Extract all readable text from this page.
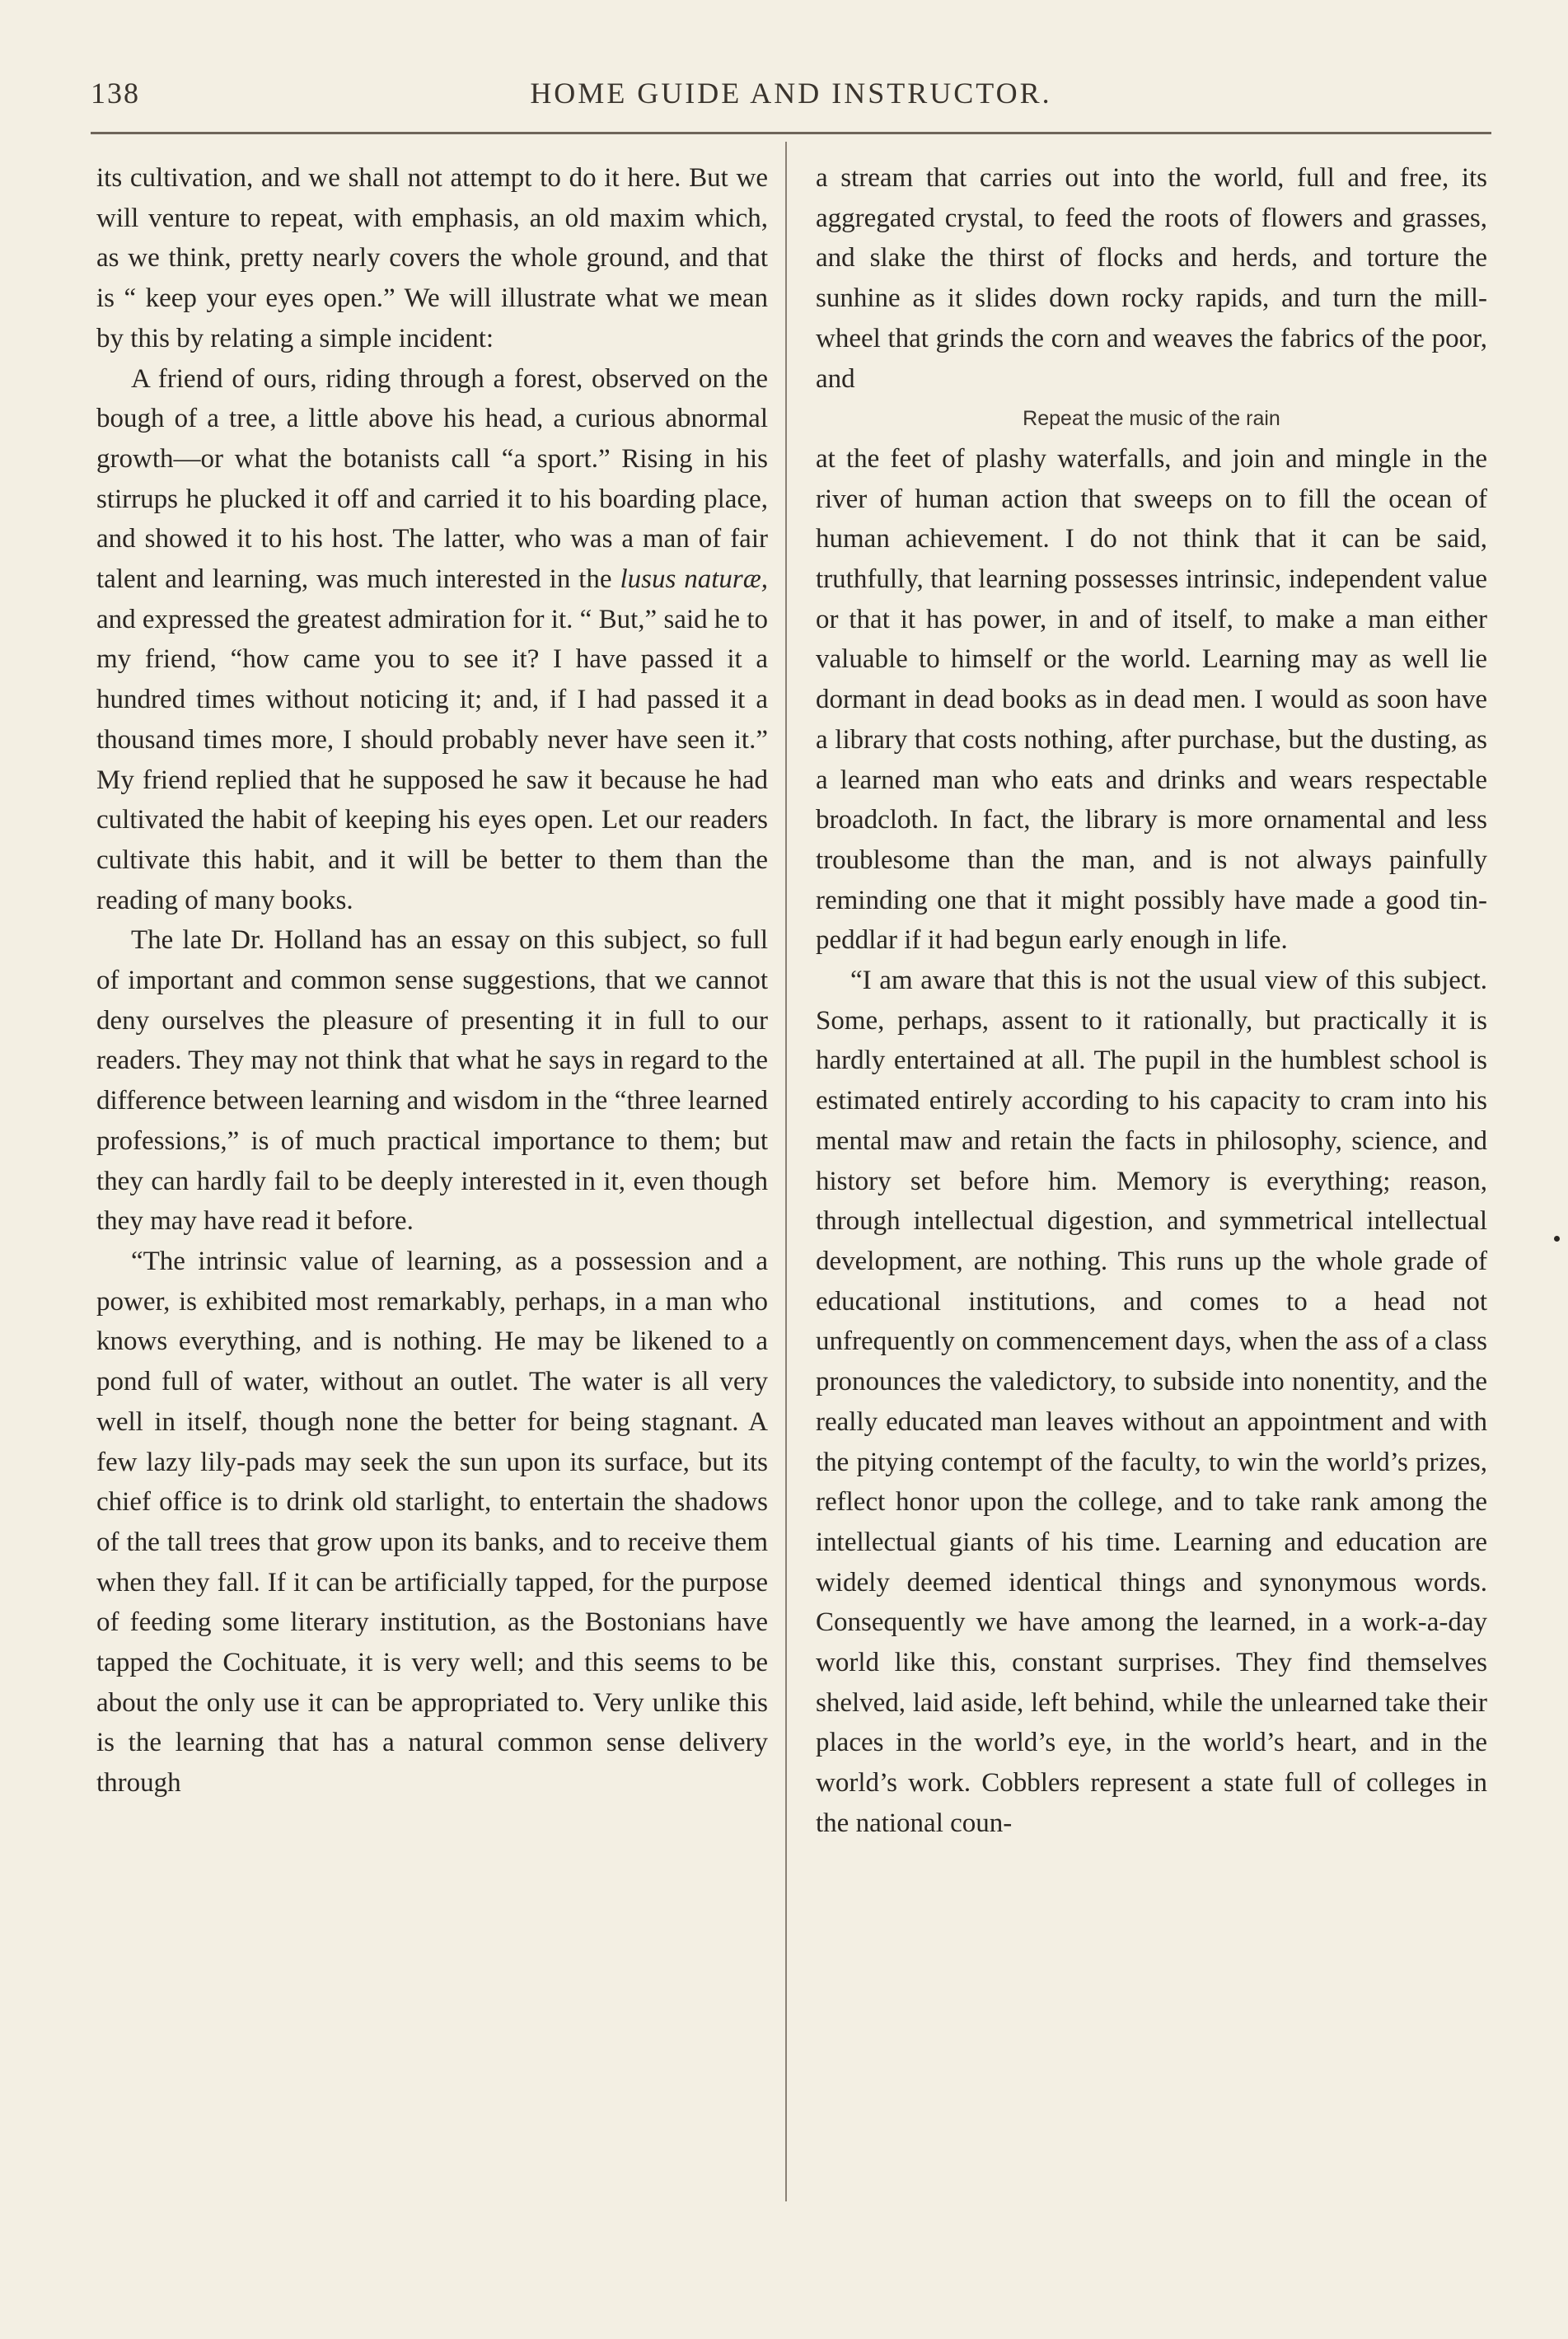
138	HOME GUIDE AND INSTRUCTOR.

its cultivation, and we shall not attempt to do it here. But we will venture to repeat, with emphasis, an old maxim which, as we think, pretty nearly covers the whole ground, and that is “ keep your eyes open.” We will illustrate what we mean by this by relating a simple incident:

A friend of ours, riding through a forest, observed on the bough of a tree, a little above his head, a curious abnormal growth—or what the botanists call “a sport.” Rising in his stirrups he plucked it off and carried it to his boarding place, and showed it to his host. The latter, who was a man of fair talent and learning, was much interested in the lusus naturæ, and expressed the greatest admiration for it. “ But,” said he to my friend, “how came you to see it? I have passed it a hundred times without noticing it; and, if I had passed it a thousand times more, I should probably never have seen it.” My friend replied that he supposed he saw it because he had cultivated the habit of keeping his eyes open. Let our readers cultivate this habit, and it will be better to them than the reading of many books.

The late Dr. Holland has an essay on this subject, so full of important and common sense suggestions, that we cannot deny ourselves the pleasure of presenting it in full to our readers. They may not think that what he says in regard to the difference between learning and wisdom in the “three learned professions,” is of much practical importance to them; but they can hardly fail to be deeply interested in it, even though they may have read it before.

“The intrinsic value of learning, as a possession and a power, is exhibited most remarkably, perhaps, in a man who knows everything, and is nothing. He may be likened to a pond full of water, without an outlet. The water is all very well in itself, though none the better for being stagnant. A few lazy lily-pads may seek the sun upon its surface, but its chief office is to drink old starlight, to entertain the shadows of the tall trees that grow upon its banks, and to receive them when they fall. If it can be artificially tapped, for the purpose of feeding some literary institution, as the Bostonians have tapped the Cochituate, it is very well; and this seems to be about the only use it can be appropriated to. Very unlike this is the learning that has a natural common sense delivery through

a stream that carries out into the world, full and free, its aggregated crystal, to feed the roots of flowers and grasses, and slake the thirst of flocks and herds, and torture the sunhine as it slides down rocky rapids, and turn the mill-wheel that grinds the corn and weaves the fabrics of the poor, and

Repeat the music of the rain

at the feet of plashy waterfalls, and join and mingle in the river of human action that sweeps on to fill the ocean of human achievement. I do not think that it can be said, truthfully, that learning possesses intrinsic, independent value or that it has power, in and of itself, to make a man either valuable to himself or the world. Learning may as well lie dormant in dead books as in dead men. I would as soon have a library that costs nothing, after purchase, but the dusting, as a learned man who eats and drinks and wears respectable broadcloth. In fact, the library is more ornamental and less troublesome than the man, and is not always painfully reminding one that it might possibly have made a good tin-peddlar if it had begun early enough in life.

“I am aware that this is not the usual view of this subject. Some, perhaps, assent to it rationally, but practically it is hardly entertained at all. The pupil in the humblest school is estimated entirely according to his capacity to cram into his mental maw and retain the facts in philosophy, science, and history set before him. Memory is everything; reason, through intellectual digestion, and symmetrical intellectual development, are nothing. This runs up the whole grade of educational institutions, and comes to a head not unfrequently on commencement days, when the ass of a class pronounces the valedictory, to subside into nonentity, and the really educated man leaves without an appointment and with the pitying contempt of the faculty, to win the world’s prizes, reflect honor upon the college, and to take rank among the intellectual giants of his time. Learning and education are widely deemed identical things and synonymous words. Consequently we have among the learned, in a work-a-day world like this, constant surprises. They find themselves shelved, laid aside, left behind, while the unlearned take their places in the world’s eye, in the world’s heart, and in the world’s work. Cobblers represent a state full of colleges in the national coun-
